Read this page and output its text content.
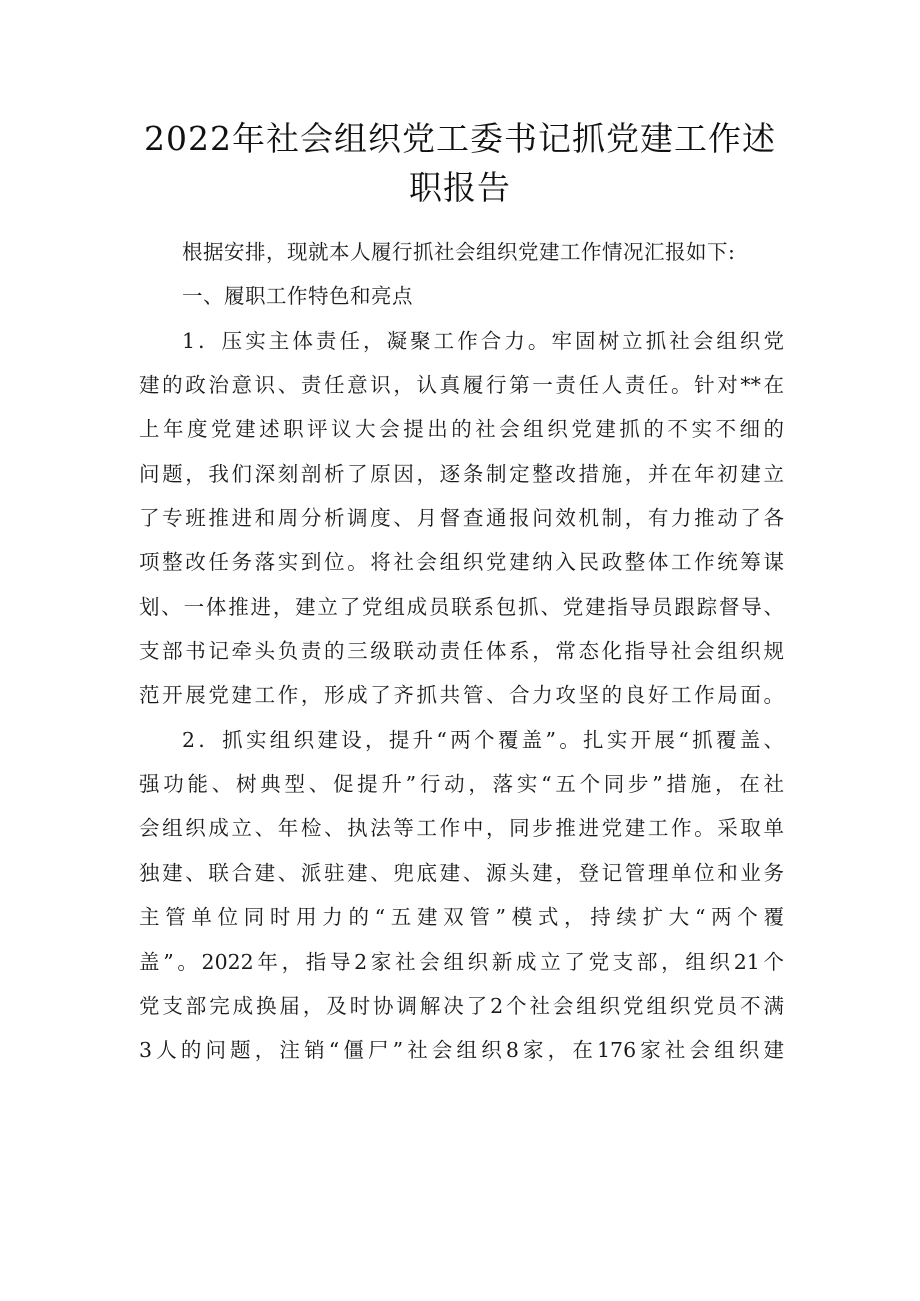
2022年社会组织党工委书记抓党建工作述
职报告
根据安排，现就本人履行抓社会组织党建工作情况汇报如下:
一、履职工作特色和亮点
1．压实主体责任，凝聚工作合力。牢固树立抓社会组织党
建的政治意识、责任意识，认真履行第一责任人责任。针对**在
上年度党建述职评议大会提出的社会组织党建抓的不实不细的
问题，我们深刻剖析了原因，逐条制定整改措施，并在年初建立
了专班推进和周分析调度、月督查通报问效机制，有力推动了各
项整改任务落实到位。将社会组织党建纳入民政整体工作统筹谋
划、一体推进，建立了党组成员联系包抓、党建指导员跟踪督导、
支部书记牵头负责的三级联动责任体系，常态化指导社会组织规
范开展党建工作，形成了齐抓共管、合力攻坚的良好工作局面。
2．抓实组织建设，提升“两个覆盖”。扎实开展“抓覆盖、
强功能、树典型、促提升”行动，落实“五个同步”措施，在社
会组织成立、年检、执法等工作中，同步推进党建工作。采取单
独建、联合建、派驻建、兜底建、源头建，登记管理单位和业务
主管单位同时用力的“五建双管”模式，持续扩大“两个覆
盖”。2022年，指导2家社会组织新成立了党支部，组织21个
党支部完成换届，及时协调解决了2个社会组织党组织党员不满
3人的问题，注销“僵尸”社会组织8家，在176家社会组织建
